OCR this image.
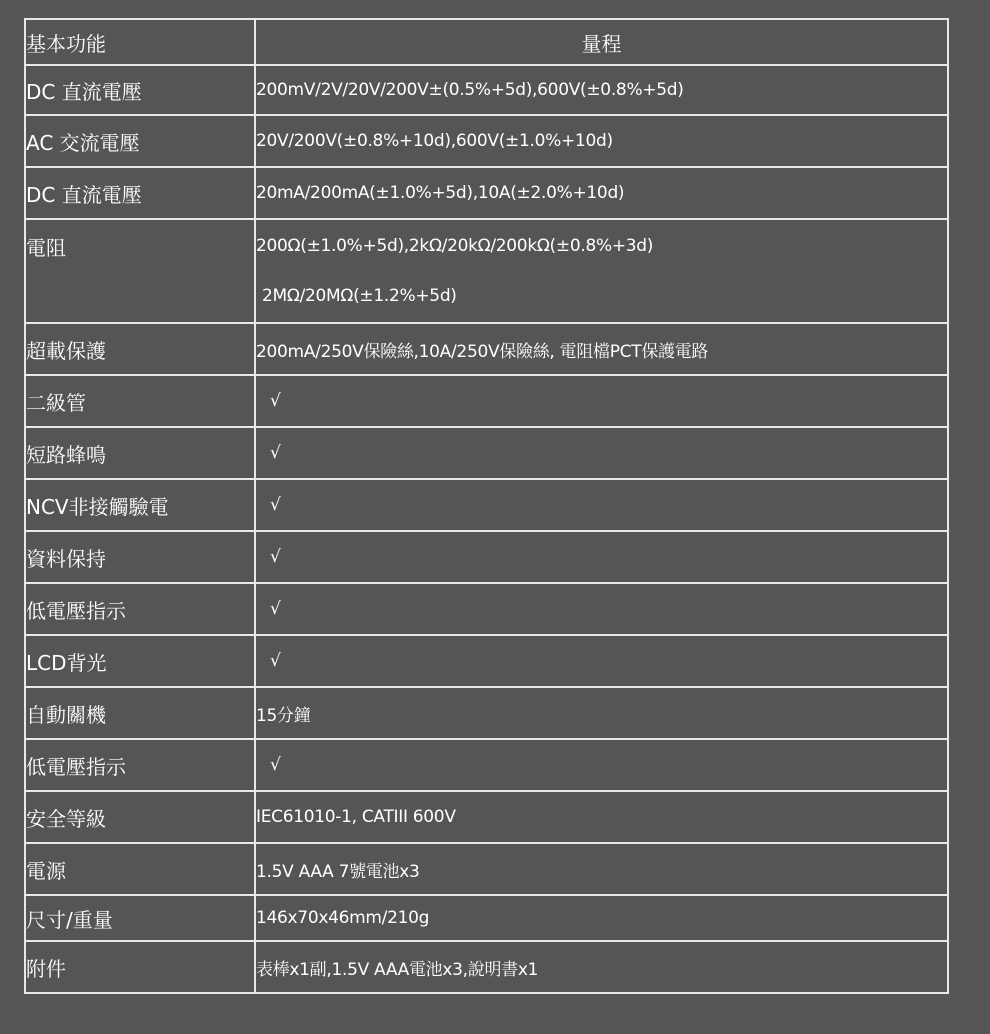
基本功能	量程
DC 直流電壓	200mV/2V/20V/200V±(0.5%+5d),600V(±0.8%+5d)

AC 交流電壓	20V/200V(±0.8%+10d),600V(±1.0%+10d)

DC 直流電壓	20mA/200mA(±1.0%+5d),10A(±2.0%+10d)

電阻	200Ω(±1.0%+5d),2kΩ/20kΩ/200kΩ(±0.8%+3d)
2MΩ/20MΩ(±1.2%+5d)

超載保護	200mA/250V保險絲,10A/250V保險絲, 電阻檔PCT保護電路

二級管	√

短路蜂鳴	√

NCV非接觸驗電	√

資料保持	√

低電壓指示	√

LCD背光	√

自動關機	15分鐘

低電壓指示	√

安全等級	IEC61010-1, CATIII 600V

電源	1.5V AAA 7號電池x3

尺寸/重量	146x70x46mm/210g

附件	表棒x1副,1.5V AAA電池x3,說明書x1
